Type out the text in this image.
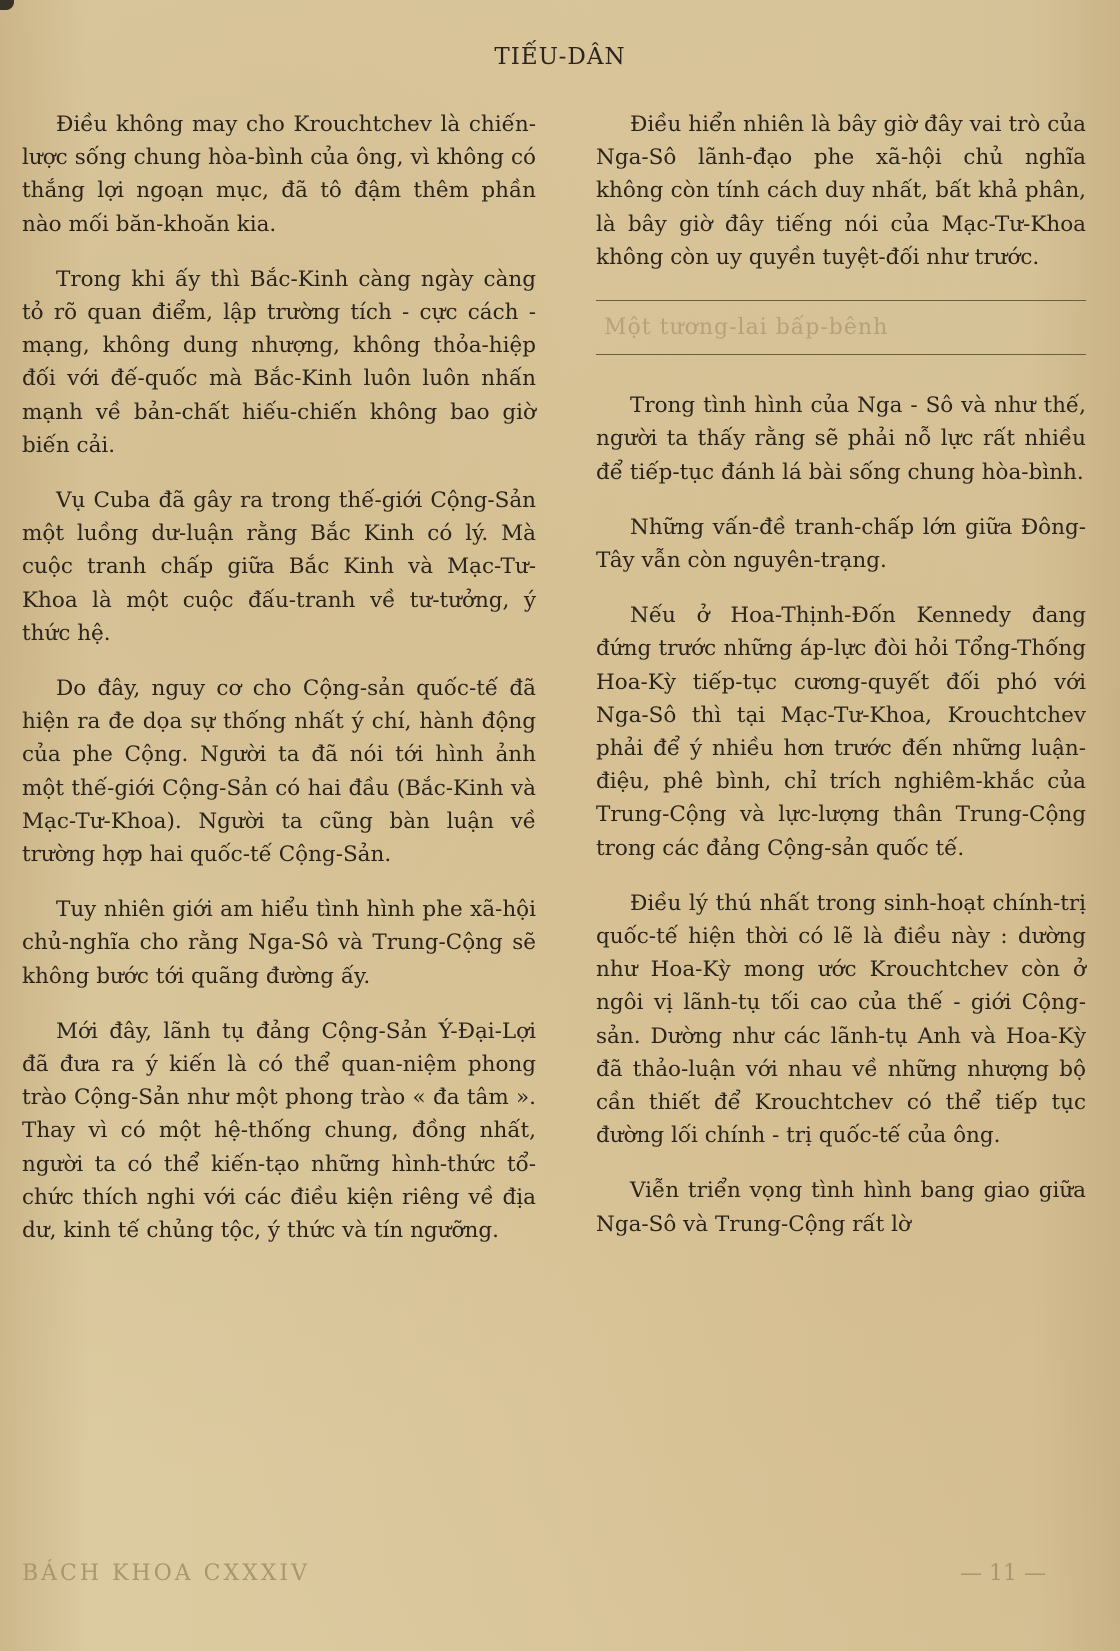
TIẾU-DÂN

Điều không may cho Krouchtchev là chiến-lược sống chung hòa-bình của ông, vì không có thắng lợi ngoạn mục, đã tô đậm thêm phần nào mối băn-khoăn kia.

Trong khi ấy thì Bắc-Kinh càng ngày càng tỏ rõ quan điểm, lập trường tích - cực cách - mạng, không dung nhượng, không thỏa-hiệp đối với đế-quốc mà Bắc-Kinh luôn luôn nhấn mạnh về bản-chất hiếu-chiến không bao giờ biến cải.

Vụ Cuba đã gây ra trong thế-giới Cộng-Sản một luồng dư-luận rằng Bắc Kinh có lý. Mà cuộc tranh chấp giữa Bắc Kinh và Mạc-Tư-Khoa là một cuộc đấu-tranh về tư-tưởng, ý thức hệ.

Do đây, nguy cơ cho Cộng-sản quốc-tế đã hiện ra đe dọa sự thống nhất ý chí, hành động của phe Cộng. Người ta đã nói tới hình ảnh một thế-giới Cộng-Sản có hai đầu (Bắc-Kinh và Mạc-Tư-Khoa). Người ta cũng bàn luận về trường hợp hai quốc-tế Cộng-Sản.

Tuy nhiên giới am hiểu tình hình phe xã-hội chủ-nghĩa cho rằng Nga-Sô và Trung-Cộng sẽ không bước tới quãng đường ấy.

Mới đây, lãnh tụ đảng Cộng-Sản Ý-Đại-Lợi đã đưa ra ý kiến là có thể quan-niệm phong trào Cộng-Sản như một phong trào « đa tâm ». Thay vì có một hệ-thống chung, đồng nhất, người ta có thể kiến-tạo những hình-thức tổ-chức thích nghi với các điều kiện riêng về địa dư, kinh tế chủng tộc, ý thức và tín ngưỡng.

Điều hiển nhiên là bây giờ đây vai trò của Nga-Sô lãnh-đạo phe xã-hội chủ nghĩa không còn tính cách duy nhất, bất khả phân, là bây giờ đây tiếng nói của Mạc-Tư-Khoa không còn uy quyền tuyệt-đối như trước.

Một tương-lai bấp-bênh

Trong tình hình của Nga - Sô và như thế, người ta thấy rằng sẽ phải nỗ lực rất nhiều để tiếp-tục đánh lá bài sống chung hòa-bình.

Những vấn-đề tranh-chấp lớn giữa Đông-Tây vẫn còn nguyên-trạng.

Nếu ở Hoa-Thịnh-Đốn Kennedy đang đứng trước những áp-lực đòi hỏi Tổng-Thống Hoa-Kỳ tiếp-tục cương-quyết đối phó với Nga-Sô thì tại Mạc-Tư-Khoa, Krouchtchev phải để ý nhiều hơn trước đến những luận-điệu, phê bình, chỉ trích nghiêm-khắc của Trung-Cộng và lực-lượng thân Trung-Cộng trong các đảng Cộng-sản quốc tế.

Điều lý thú nhất trong sinh-hoạt chính-trị quốc-tế hiện thời có lẽ là điều này : dường như Hoa-Kỳ mong ước Krouchtchev còn ở ngôi vị lãnh-tụ tối cao của thế - giới Cộng-sản. Dường như các lãnh-tụ Anh và Hoa-Kỳ đã thảo-luận với nhau về những nhượng bộ cần thiết để Krouchtchev có thể tiếp tục đường lối chính - trị quốc-tế của ông.

Viễn triển vọng tình hình bang giao giữa Nga-Sô và Trung-Cộng rất lờ

BÁCH KHOA CXXXIV	— 11 —
